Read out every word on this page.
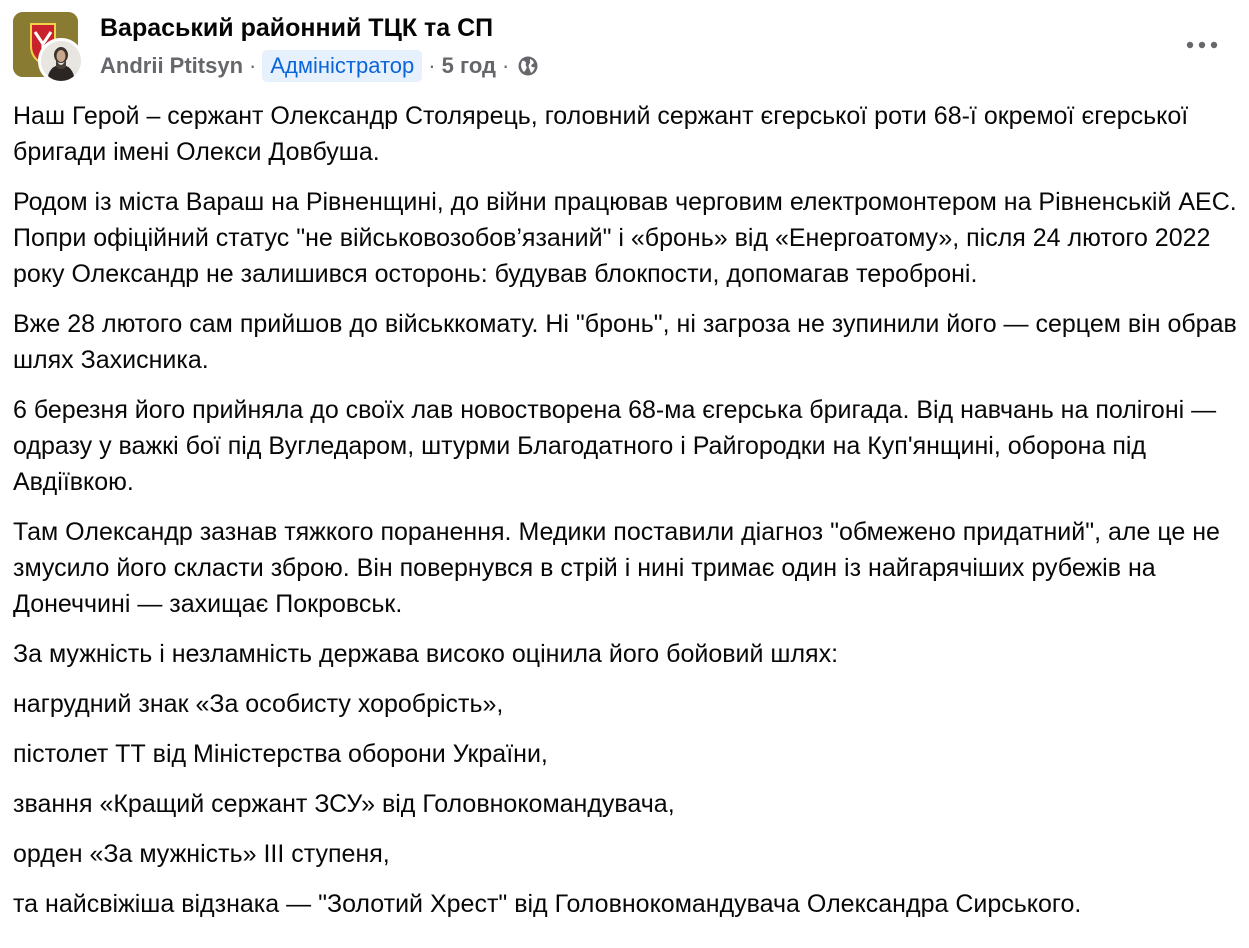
Вараський районний ТЦК та СП
Andrii Ptitsyn · Адміністратор · 5 год ·

Наш Герой – сержант Олександр Столярець, головний сержант єгерської роти 68-ї окремої єгерської бригади імені Олекси Довбуша.

Родом із міста Вараш на Рівненщині, до війни працював черговим електромонтером на Рівненській АЕС. Попри офіційний статус "не військовозобов’язаний" і «бронь» від «Енергоатому», після 24 лютого 2022 року Олександр не залишився осторонь: будував блокпости, допомагав тероброні.

Вже 28 лютого сам прийшов до військкомату. Ні "бронь", ні загроза не зупинили його — серцем він обрав шлях Захисника.

6 березня його прийняла до своїх лав новостворена 68-ма єгерська бригада. Від навчань на полігоні — одразу у важкі бої під Вугледаром, штурми Благодатного і Райгородки на Куп'янщині, оборона під Авдіївкою.

Там Олександр зазнав тяжкого поранення. Медики поставили діагноз "обмежено придатний", але це не змусило його скласти зброю. Він повернувся в стрій і нині тримає один із найгарячіших рубежів на Донеччині — захищає Покровськ.

За мужність і незламність держава високо оцінила його бойовий шлях:

нагрудний знак «За особисту хоробрість»,

пістолет ТТ від Міністерства оборони України,

звання «Кращий сержант ЗСУ» від Головнокомандувача,

орден «За мужність» III ступеня,

та найсвіжіша відзнака — "Золотий Хрест" від Головнокомандувача Олександра Сирського.
